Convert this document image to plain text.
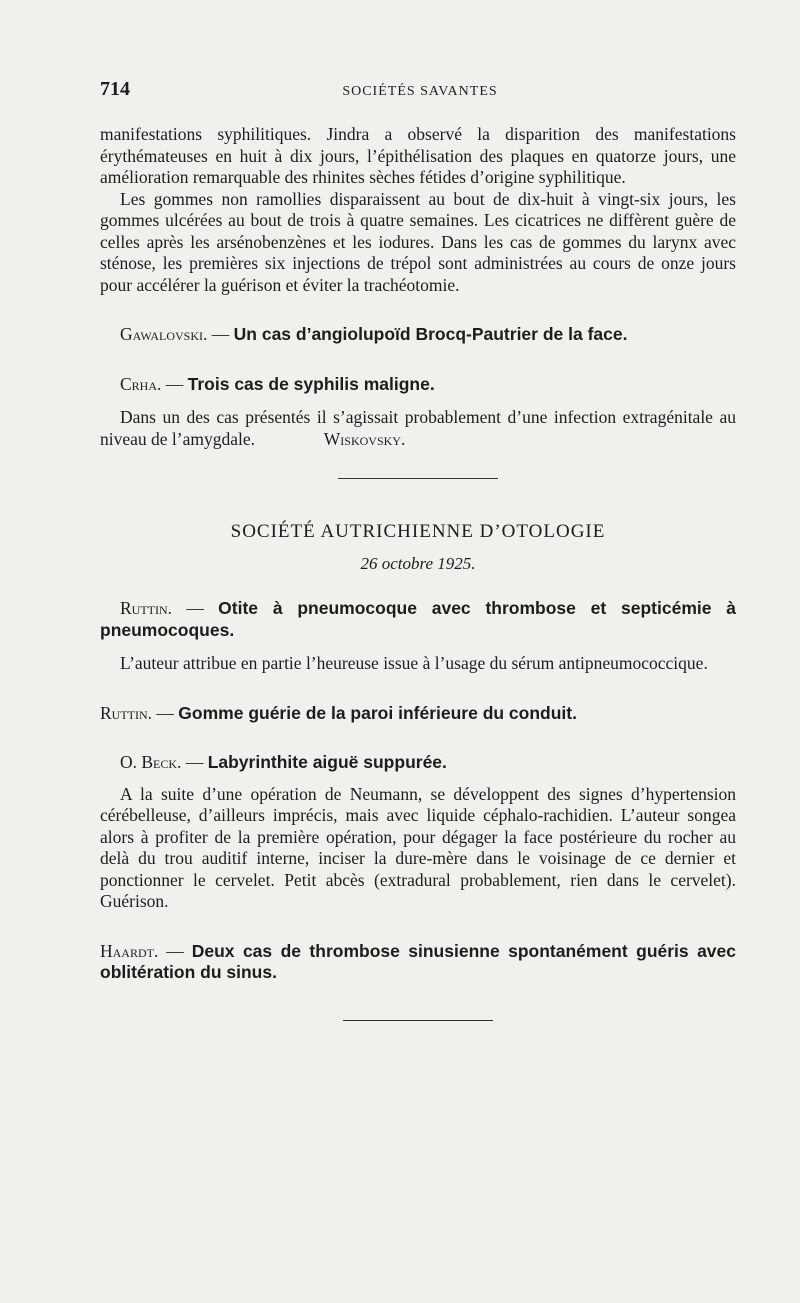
714	SOCIÉTÉS SAVANTES

manifestations syphilitiques. Jindra a observé la disparition des manifestations érythémateuses en huit à dix jours, l’épithélisation des plaques en quatorze jours, une amélioration remarquable des rhinites sèches fétides d’origine syphilitique.

Les gommes non ramollies disparaissent au bout de dix-huit à vingt-six jours, les gommes ulcérées au bout de trois à quatre semaines. Les cicatrices ne diffèrent guère de celles après les arsénobenzènes et les iodures. Dans les cas de gommes du larynx avec sténose, les premières six injections de trépol sont administrées au cours de onze jours pour accélérer la guérison et éviter la trachéotomie.

Gawalovski. — Un cas d’angiolupoïd Brocq-Pautrier de la face.

Crha. — Trois cas de syphilis maligne.

Dans un des cas présentés il s’agissait probablement d’une infection extragénitale au niveau de l’amygdale.	Wiskovsky.

SOCIÉTÉ AUTRICHIENNE D’OTOLOGIE

26 octobre 1925.

Ruttin. — Otite à pneumocoque avec thrombose et septicémie à pneumocoques.

L’auteur attribue en partie l’heureuse issue à l’usage du sérum antipneumococcique.

Ruttin. — Gomme guérie de la paroi inférieure du conduit.

O. Beck. — Labyrinthite aiguë suppurée.

A la suite d’une opération de Neumann, se développent des signes d’hypertension cérébelleuse, d’ailleurs imprécis, mais avec liquide céphalo-rachidien. L’auteur songea alors à profiter de la première opération, pour dégager la face postérieure du rocher au delà du trou auditif interne, inciser la dure-mère dans le voisinage de ce dernier et ponctionner le cervelet. Petit abcès (extradural probablement, rien dans le cervelet). Guérison.

Haardt. — Deux cas de thrombose sinusienne spontanément guéris avec oblitération du sinus.
